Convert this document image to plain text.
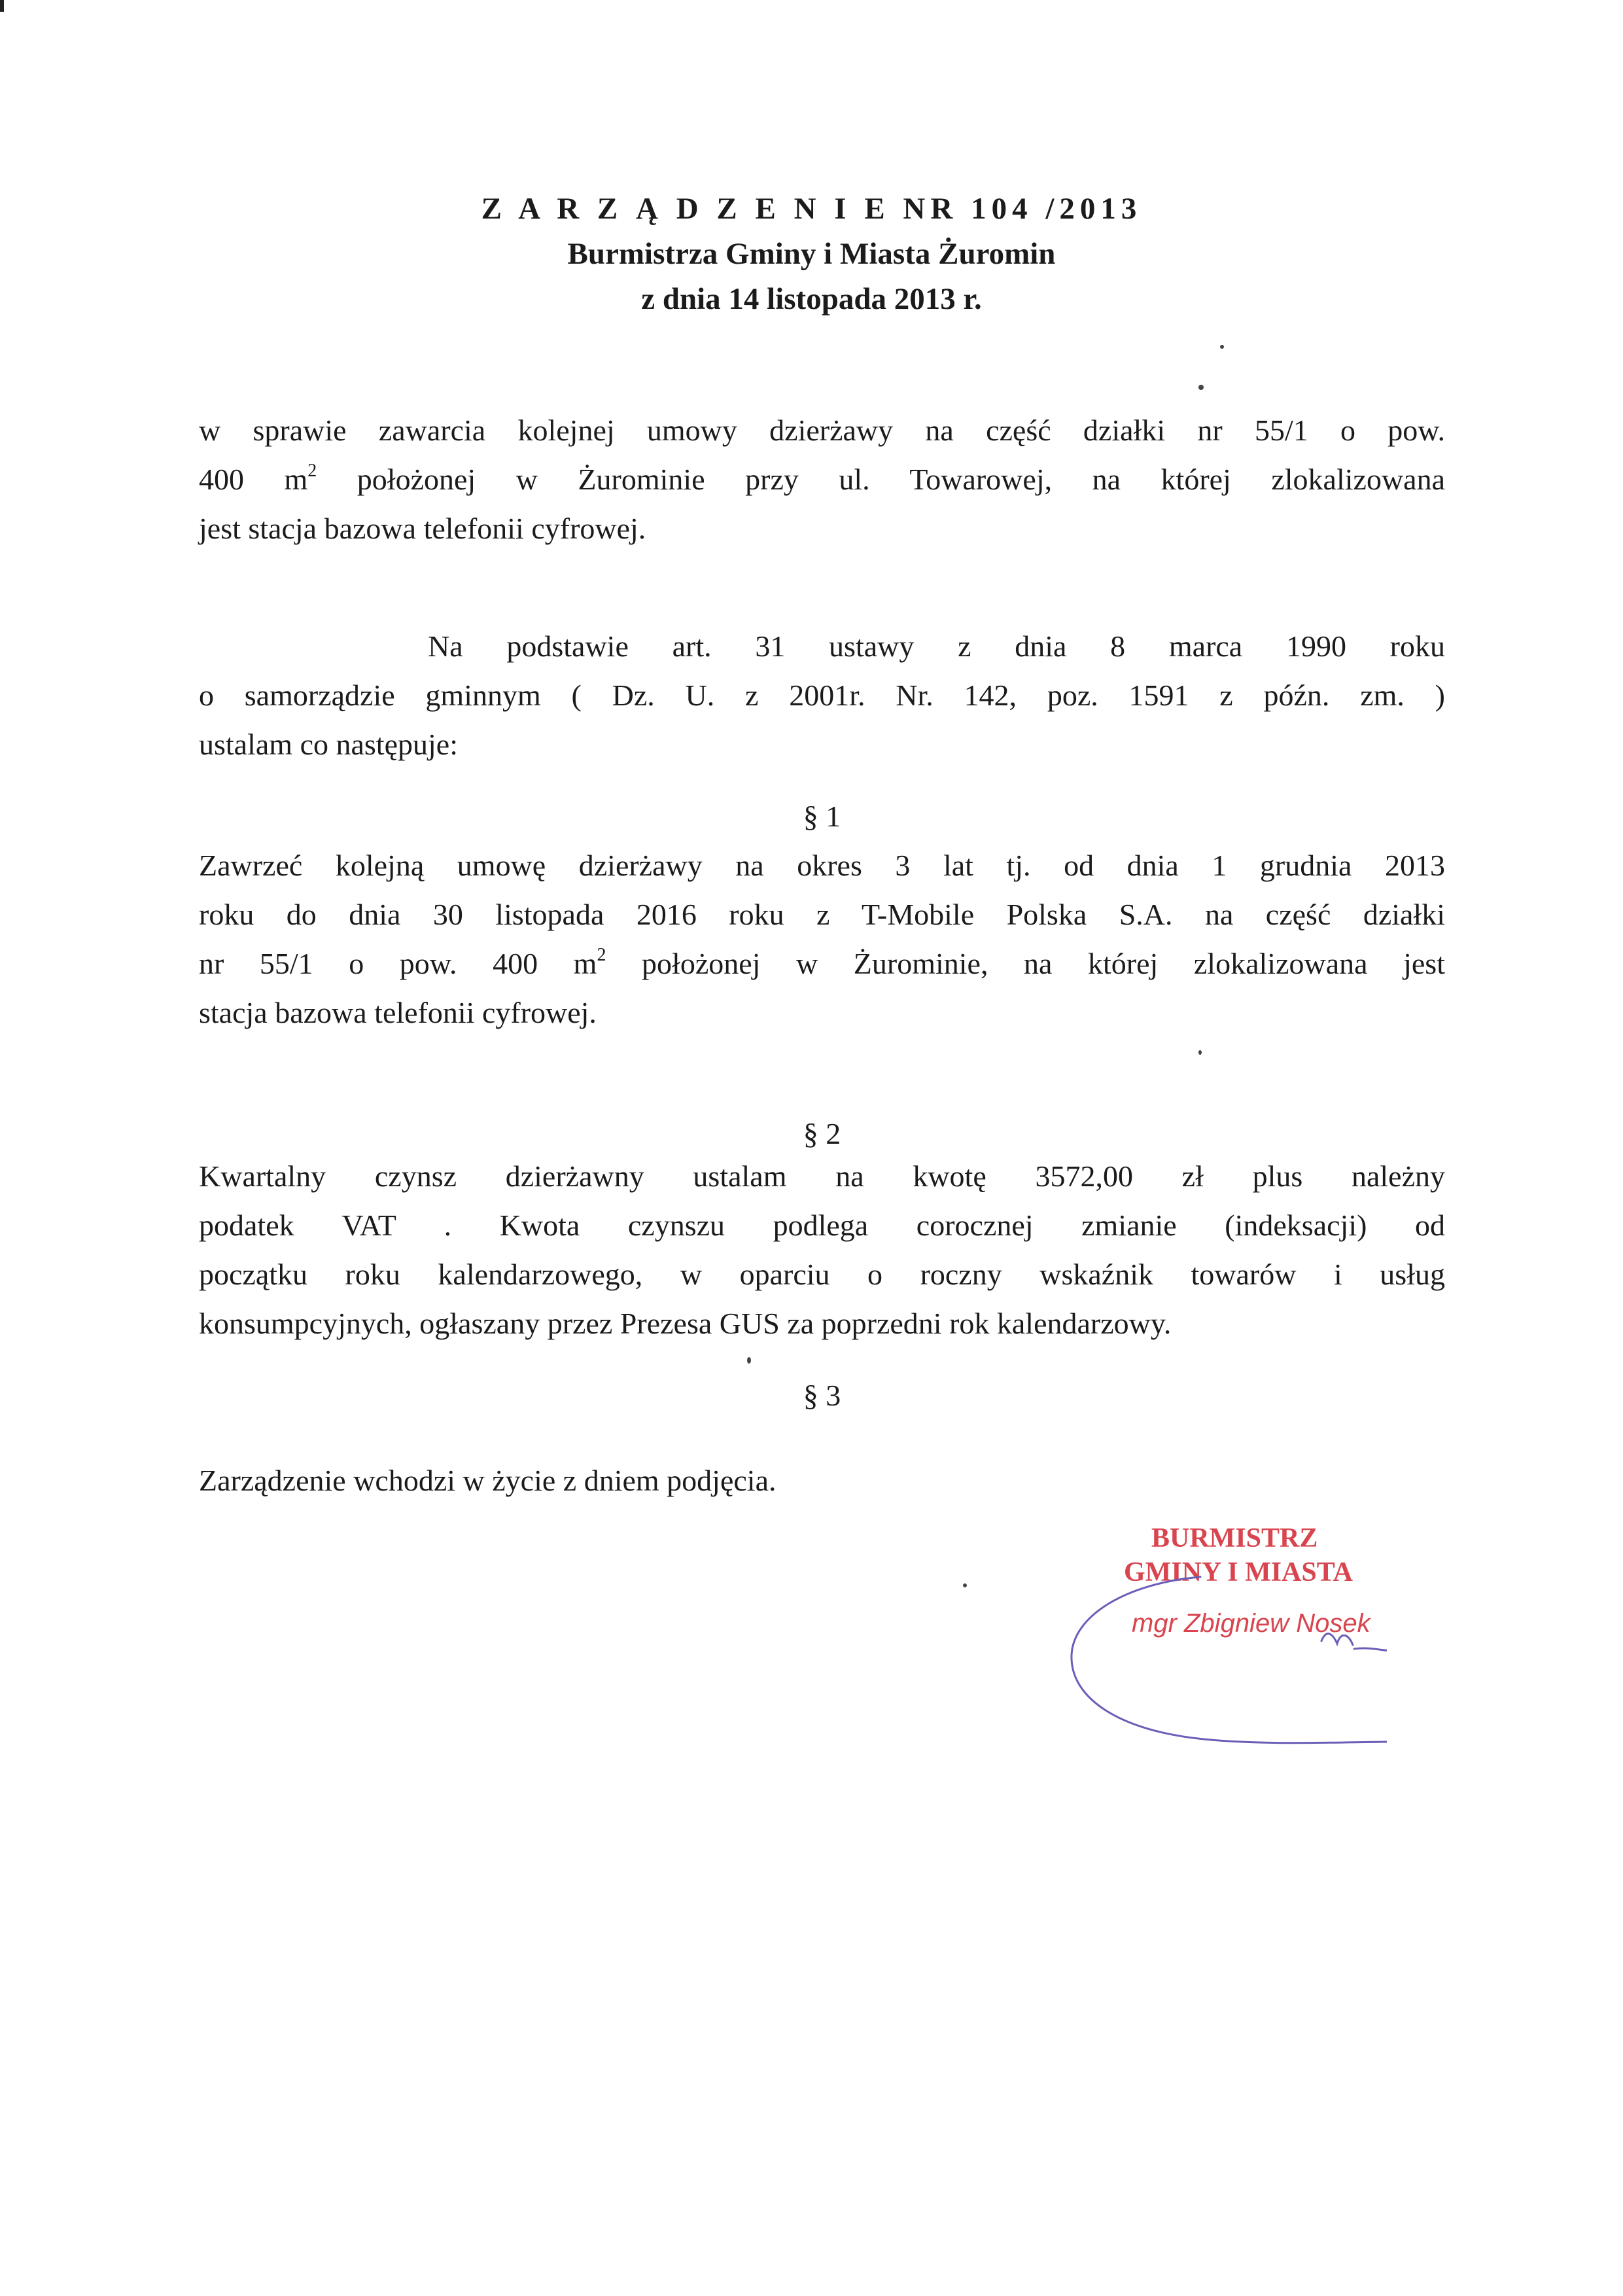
Z A R Z Ą D Z E N I E NR 104 /2013
Burmistrza Gminy i Miasta Żuromin
z dnia 14 listopada 2013 r.
w sprawie zawarcia kolejnej umowy dzierżawy na część działki nr 55/1 o pow.
400 $m^2$ położonej w Żurominie przy ul. Towarowej, na której zlokalizowana
jest stacja bazowa telefonii cyfrowej.
Na podstawie art. 31 ustawy z dnia 8 marca 1990 roku
o samorządzie gminnym ( Dz. U. z 2001r. Nr. 142, poz. 1591 z późn. zm. )
ustalam co następuje:
§ 1
Zawrzeć kolejną umowę dzierżawy na okres 3 lat tj. od dnia 1 grudnia 2013
roku do dnia 30 listopada 2016 roku z T-Mobile Polska S.A. na część działki
nr 55/1 o pow. 400 $m^2$ położonej w Żurominie, na której zlokalizowana jest
stacja bazowa telefonii cyfrowej.
§ 2
Kwartalny czynsz dzierżawny ustalam na kwotę 3572,00 zł plus należny
podatek VAT . Kwota czynszu podlega corocznej zmianie (indeksacji) od
początku roku kalendarzowego, w oparciu o roczny wskaźnik towarów i usług
konsumpcyjnych, ogłaszany przez Prezesa GUS za poprzedni rok kalendarzowy.
§ 3
Zarządzenie wchodzi w życie z dniem podjęcia.
BURMISTRZ
GMINY I MIASTA
mgr Zbigniew Nosek
